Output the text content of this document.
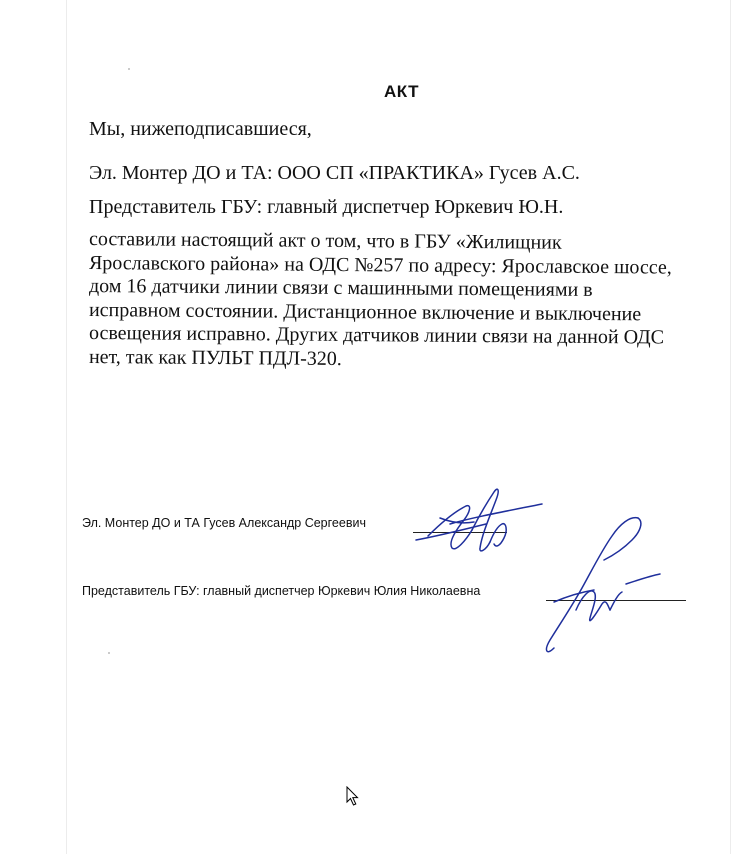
АКТ
Мы, нижеподписавшиеся,
Эл. Монтер ДО и ТА: ООО СП «ПРАКТИКА» Гусев А.С.
Представитель ГБУ: главный диспетчер Юркевич Ю.Н.

составили настоящий акт о том, что в ГБУ «Жилищник
Ярославского района» на ОДС №257 по адресу: Ярославское шоссе,
дом 16 датчики линии связи с машинными помещениями в
исправном состоянии. Дистанционное включение и выключение
освещения исправно. Других датчиков линии связи на данной ОДС
нет, так как ПУЛЬТ ПДЛ-320.

Эл. Монтер ДО и ТА Гусев Александр Сергеевич
Представитель ГБУ: главный диспетчер Юркевич Юлия Николаевна
